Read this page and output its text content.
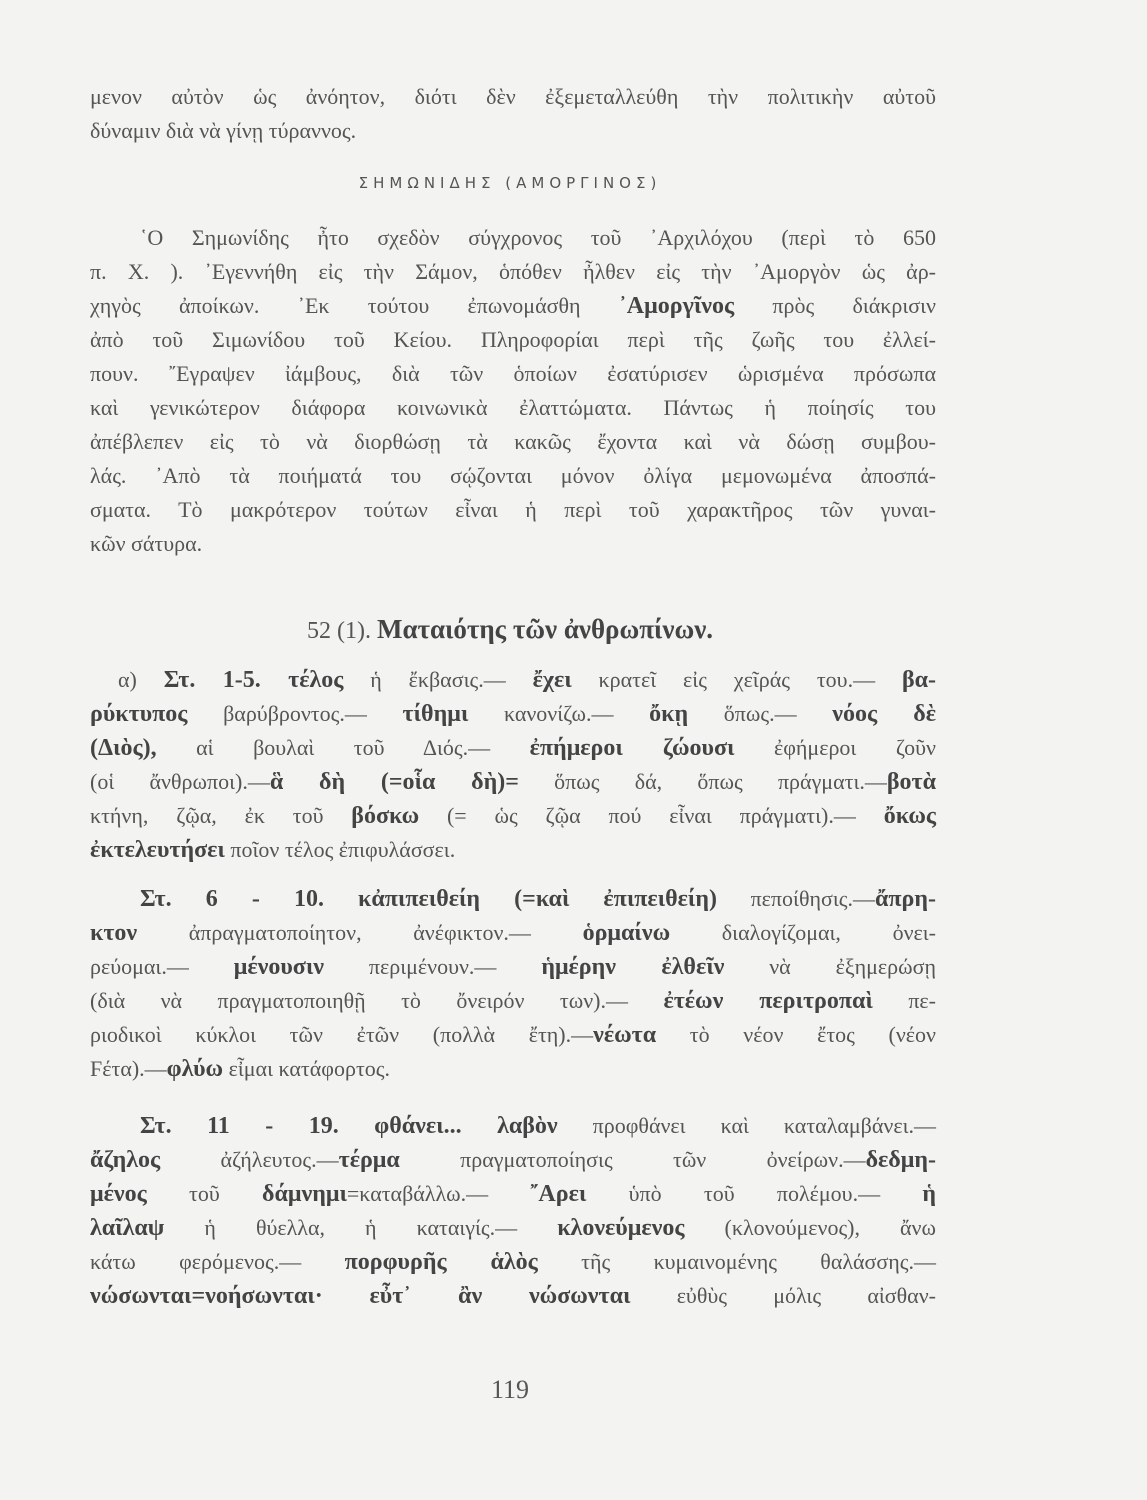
μενον αὐτὸν ὡς ἀνόητον, διότι δὲν ἐξεμεταλλεύθη τὴν πολιτικὴν αὐτοῦ
δύναμιν διὰ νὰ γίνῃ τύραννος.
ΣΗΜΩΝΙΔΗΣ (ΑΜΟΡΓΙΝΟΣ)
῾Ο Σημωνίδης ἦτο σχεδὸν σύγχρονος τοῦ ᾿Αρχιλόχου (περὶ τὸ 650
π. Χ. ). ᾿Εγεννήθη εἰς τὴν Σάμον, ὁπόθεν ἦλθεν εἰς τὴν ᾿Αμοργὸν ὡς ἀρ-
χηγὸς ἀποίκων. ᾿Εκ τούτου ἐπωνομάσθη ᾿Αμοργῖνος πρὸς διάκρισιν
ἀπὸ τοῦ Σιμωνίδου τοῦ Κείου. Πληροφορίαι περὶ τῆς ζωῆς του ἐλλεί-
πουν. ῎Εγραψεν ἰάμβους, διὰ τῶν ὁποίων ἐσατύρισεν ὡρισμένα πρόσωπα
καὶ γενικώτερον διάφορα κοινωνικὰ ἐλαττώματα. Πάντως ἡ ποίησίς του
ἀπέβλεπεν εἰς τὸ νὰ διορθώσῃ τὰ κακῶς ἔχοντα καὶ νὰ δώσῃ συμβου-
λάς. ᾿Απὸ τὰ ποιήματά του σῴζονται μόνον ὀλίγα μεμονωμένα ἀποσπά-
σματα. Τὸ μακρότερον τούτων εἶναι ἡ περὶ τοῦ χαρακτῆρος τῶν γυναι-
κῶν σάτυρα.
52 (1). Ματαιότης τῶν ἀνθρωπίνων.
α) Στ. 1-5. τέλος ἡ ἔκβασις.— ἔχει κρατεῖ εἰς χεῖράς του.— βα-
ρύκτυπος βαρύβροντος.— τίθημι κανονίζω.— ὄκῃ ὅπως.— νόος δὲ
(Διὸς), αἱ βουλαὶ τοῦ Διός.— ἐπήμεροι ζώουσι ἐφήμεροι ζοῦν
(οἱ ἄνθρωποι).—ἃ δὴ (=οἷα δὴ)= ὅπως δά, ὅπως πράγματι.—βοτὰ
κτήνη, ζῷα, ἐκ τοῦ βόσκω (= ὡς ζῷα πού εἶναι πράγματι).— ὄκως
ἐκτελευτήσει ποῖον τέλος ἐπιφυλάσσει.
Στ. 6 - 10. κἀπιπειθείη (=καὶ ἐπιπειθείη) πεποίθησις.—ἄπρη-
κτον ἀπραγματοποίητον, ἀνέφικτον.— ὁρμαίνω διαλογίζομαι, ὀνει-
ρεύομαι.— μένουσιν περιμένουν.— ἡμέρην ἐλθεῖν νὰ ἐξημερώσῃ
(διὰ νὰ πραγματοποιηθῇ τὸ ὄνειρόν των).— ἐτέων περιτροπαὶ πε-
ριοδικοὶ κύκλοι τῶν ἐτῶν (πολλὰ ἔτη).—νέωτα τὸ νέον ἔτος (νέον
Ϝέτα).—φλύω εἶμαι κατάφορτος.
Στ. 11 - 19. φθάνει... λαβὸν προφθάνει καὶ καταλαμβάνει.—
ἄζηλος ἀζήλευτος.—τέρμα πραγματοποίησις τῶν ὀνείρων.—δεδμη-
μένος τοῦ δάμνημι=καταβάλλω.— ῎Αρει ὑπὸ τοῦ πολέμου.— ἡ
λαῖλαψ ἡ θύελλα, ἡ καταιγίς.— κλονεύμενος (κλονούμενος), ἄνω
κάτω φερόμενος.— πορφυρῆς ἁλὸς τῆς κυμαινομένης θαλάσσης.—
νώσωνται=νοήσωνται· εὖτ᾿ ἂν νώσωνται εὐθὺς μόλις αἰσθαν-
119
